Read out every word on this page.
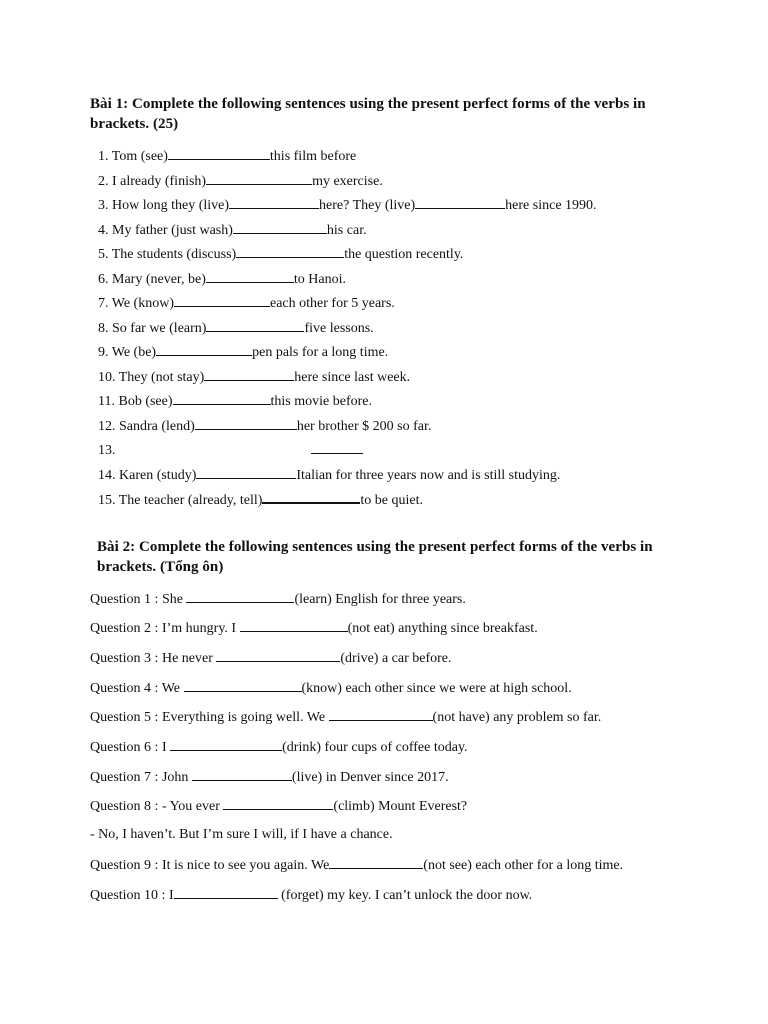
Bài 1: Complete the following sentences using the present perfect forms of the verbs in brackets. (25)
1. Tom (see)	this film before
2. I already (finish)	my exercise.
3. How long they (live)	here? They (live)	here since 1990.
4. My father (just wash)	his car.
5. The students (discuss)	the question recently.
6. Mary (never, be)	to Hanoi.
7. We (know)	each other for 5 years.
8. So far we (learn)	five lessons.
9. We (be)	pen pals for a long time.
10. They (not stay)	here since last week.
11. Bob (see)	this movie before.
12. Sandra (lend)	her brother $ 200 so far.
13.
14. Karen (study)	Italian for three years now and is still studying.
15. The teacher (already, tell)	to be quiet.
Bài 2: Complete the following sentences using the present perfect forms of the verbs in brackets. (Tổng ôn)
Question 1 : She	(learn) English for three years.
Question 2 : I’m hungry. I	(not eat) anything since breakfast.
Question 3 : He never	(drive) a car before.
Question 4 : We	(know) each other since we were at high school.
Question 5 : Everything is going well. We	(not have) any problem so far.
Question 6 : I	(drink) four cups of coffee today.
Question 7 : John	(live) in Denver since 2017.
Question 8 : - You ever	(climb) Mount Everest?
- No, I haven’t. But I’m sure I will, if I have a chance.
Question 9 : It is nice to see you again. We	(not see) each other for a long time.
Question 10 : I	(forget) my key. I can’t unlock the door now.
